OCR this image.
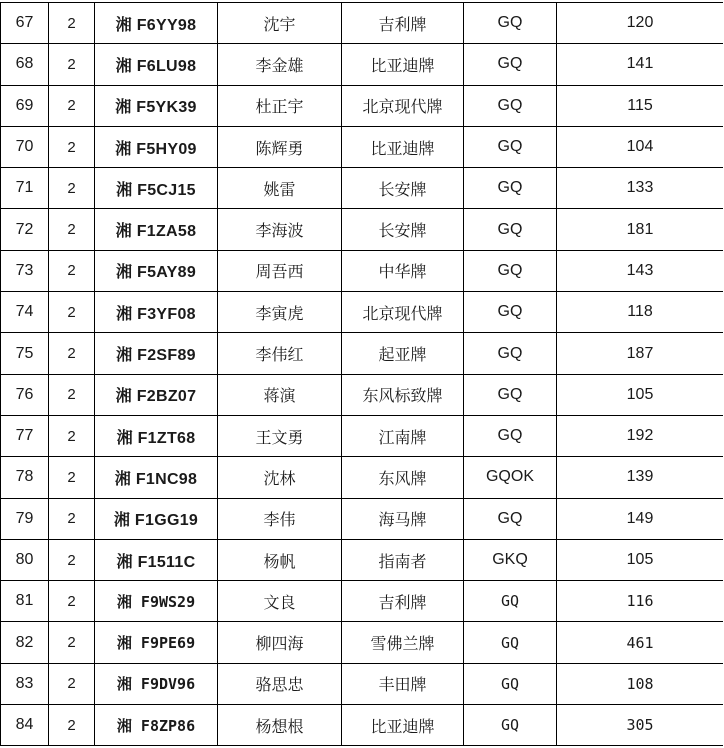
67	2	湘 F6YY98	沈宇	吉利牌	GQ	120
68	2	湘 F6LU98	李金雄	比亚迪牌	GQ	141
69	2	湘 F5YK39	杜正宇	北京现代牌	GQ	115
70	2	湘 F5HY09	陈辉勇	比亚迪牌	GQ	104
71	2	湘 F5CJ15	姚雷	长安牌	GQ	133
72	2	湘 F1ZA58	李海波	长安牌	GQ	181
73	2	湘 F5AY89	周吾西	中华牌	GQ	143
74	2	湘 F3YF08	李寅虎	北京现代牌	GQ	118
75	2	湘 F2SF89	李伟红	起亚牌	GQ	187
76	2	湘 F2BZ07	蒋演	东风标致牌	GQ	105
77	2	湘 F1ZT68	王文勇	江南牌	GQ	192
78	2	湘 F1NC98	沈林	东风牌	GQOK	139
79	2	湘 F1GG19	李伟	海马牌	GQ	149
80	2	湘 F1511C	杨帆	指南者	GKQ	105
81	2	湘 F9WS29	文良	吉利牌	GQ	116
82	2	湘 F9PE69	柳四海	雪佛兰牌	GQ	461
83	2	湘 F9DV96	骆思忠	丰田牌	GQ	108
84	2	湘 F8ZP86	杨想根	比亚迪牌	GQ	305
